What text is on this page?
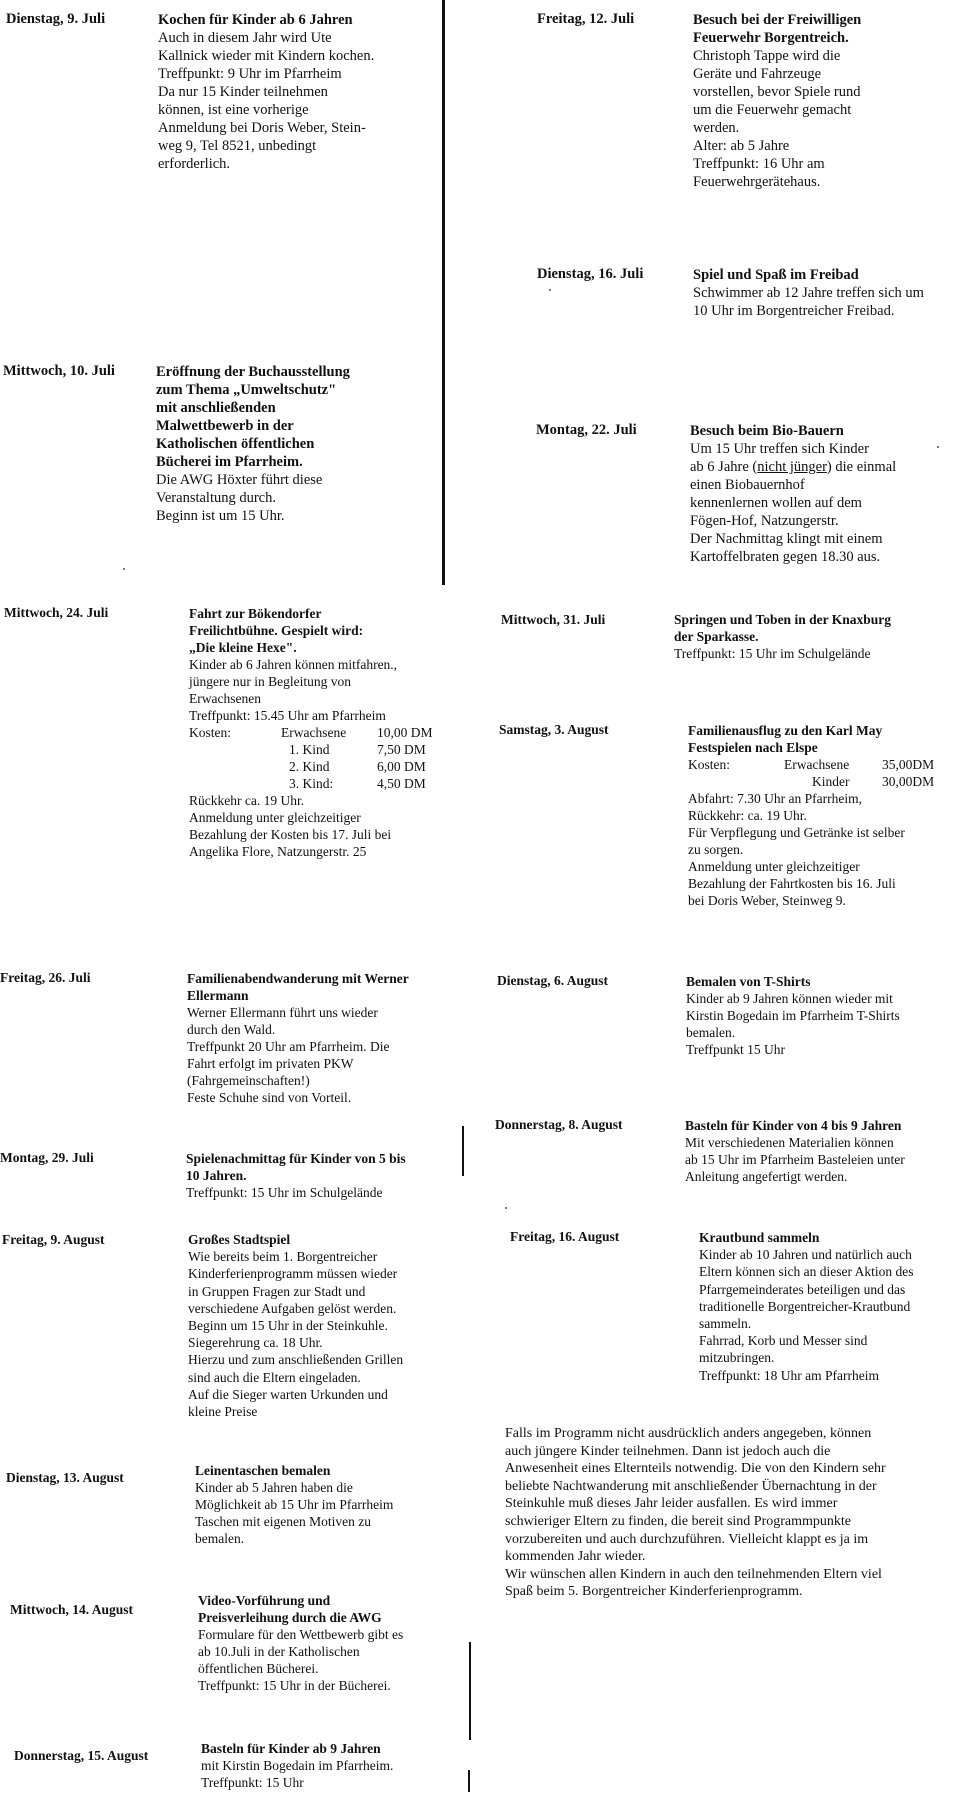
Dienstag, 9. Juli	Kochen für Kinder ab 6 Jahren
Auch in diesem Jahr wird Ute
Kallnick wieder mit Kindern kochen.
Treffpunkt: 9 Uhr im Pfarrheim
Da nur 15 Kinder teilnehmen
können, ist eine vorherige
Anmeldung bei Doris Weber, Stein-
weg 9, Tel 8521, unbedingt
erforderlich.
Mittwoch, 10. Juli	Eröffnung der Buchausstellung
zum Thema „Umweltschutz"
mit anschließenden
Malwettbewerb in der
Katholischen öffentlichen
Bücherei im Pfarrheim.
Die AWG Höxter führt diese
Veranstaltung durch.
Beginn ist um 15 Uhr.
Mittwoch, 24. Juli	Fahrt zur Bökendorfer
Freilichtbühne. Gespielt wird:
„Die kleine Hexe".
Kinder ab 6 Jahren können mitfahren.,
jüngere nur in Begleitung von
Erwachsenen
Treffpunkt: 15.45 Uhr am Pfarrheim
Kosten:	Erwachsene	10,00 DM
1. Kind	7,50 DM
2. Kind	6,00 DM
3. Kind:	4,50 DM
Rückkehr ca. 19 Uhr.
Anmeldung unter gleichzeitiger
Bezahlung der Kosten bis 17. Juli bei
Angelika Flore, Natzungerstr. 25
Freitag, 26. Juli	Familienabendwanderung mit Werner
Ellermann
Werner Ellermann führt uns wieder
durch den Wald.
Treffpunkt 20 Uhr am Pfarrheim. Die
Fahrt erfolgt im privaten PKW
(Fahrgemeinschaften!)
Feste Schuhe sind von Vorteil.
Montag, 29. Juli	Spielenachmittag für Kinder von 5 bis
10 Jahren.
Treffpunkt: 15 Uhr im Schulgelände
Freitag, 9. August	Großes Stadtspiel
Wie bereits beim 1. Borgentreicher
Kinderferienprogramm müssen wieder
in Gruppen Fragen zur Stadt und
verschiedene Aufgaben gelöst werden.
Beginn um 15 Uhr in der Steinkuhle.
Siegerehrung ca. 18 Uhr.
Hierzu und zum anschließenden Grillen
sind auch die Eltern eingeladen.
Auf die Sieger warten Urkunden und
kleine Preise
Dienstag, 13. August	Leinentaschen bemalen
Kinder ab 5 Jahren haben die
Möglichkeit ab 15 Uhr im Pfarrheim
Taschen mit eigenen Motiven zu
bemalen.
Mittwoch, 14. August
Video-Vorführung und
Preisverleihung durch die AWG
Formulare für den Wettbewerb gibt es
ab 10.Juli in der Katholischen
öffentlichen Bücherei.
Treffpunkt: 15 Uhr in der Bücherei.
Donnerstag, 15. August	Basteln für Kinder ab 9 Jahren
mit Kirstin Bogedain im Pfarrheim.
Treffpunkt: 15 Uhr
Freitag, 12. Juli	Besuch bei der Freiwilligen
Feuerwehr Borgentreich.
Christoph Tappe wird die
Geräte und Fahrzeuge
vorstellen, bevor Spiele rund
um die Feuerwehr gemacht
werden.
Alter: ab 5 Jahre
Treffpunkt: 16 Uhr am
Feuerwehrgerätehaus.
Dienstag, 16. Juli	Spiel und Spaß im Freibad
Schwimmer ab 12 Jahre treffen sich um
10 Uhr im Borgentreicher Freibad.
Montag, 22. Juli	Besuch beim Bio-Bauern
Um 15 Uhr treffen sich Kinder
ab 6 Jahre (nicht jünger) die einmal
einen Biobauernhof
kennenlernen wollen auf dem
Fögen-Hof, Natzungerstr.
Der Nachmittag klingt mit einem
Kartoffelbraten gegen 18.30 aus.
Mittwoch, 31. Juli	Springen und Toben in der Knaxburg
der Sparkasse.
Treffpunkt: 15 Uhr im Schulgelände
Samstag, 3. August	Familienausflug zu den Karl May
Festspielen nach Elspe
Kosten:	Erwachsene	35,00DM
Kinder	30,00DM
Abfahrt: 7.30 Uhr an Pfarrheim,
Rückkehr: ca. 19 Uhr.
Für Verpflegung und Getränke ist selber
zu sorgen.
Anmeldung unter gleichzeitiger
Bezahlung der Fahrtkosten bis 16. Juli
bei Doris Weber, Steinweg 9.
Dienstag, 6. August	Bemalen von T-Shirts
Kinder ab 9 Jahren können wieder mit
Kirstin Bogedain im Pfarrheim T-Shirts
bemalen.
Treffpunkt 15 Uhr
Donnerstag, 8. August	Basteln für Kinder von 4 bis 9 Jahren
Mit verschiedenen Materialien können
ab 15 Uhr im Pfarrheim Basteleien unter
Anleitung angefertigt werden.
Freitag, 16. August	Krautbund sammeln
Kinder ab 10 Jahren und natürlich auch
Eltern können sich an dieser Aktion des
Pfarrgemeinderates beteiligen und das
traditionelle Borgentreicher-Krautbund
sammeln.
Fahrrad, Korb und Messer sind
mitzubringen.
Treffpunkt: 18 Uhr am Pfarrheim
Falls im Programm nicht ausdrücklich anders angegeben, können
auch jüngere Kinder teilnehmen. Dann ist jedoch auch die
Anwesenheit eines Elternteils notwendig. Die von den Kindern sehr
beliebte Nachtwanderung mit anschließender Übernachtung in der
Steinkuhle muß dieses Jahr leider ausfallen. Es wird immer
schwieriger Eltern zu finden, die bereit sind Programmpunkte
vorzubereiten und auch durchzuführen. Vielleicht klappt es ja im
kommenden Jahr wieder.
Wir wünschen allen Kindern in auch den teilnehmenden Eltern viel
Spaß beim 5. Borgentreicher Kinderferienprogramm.
